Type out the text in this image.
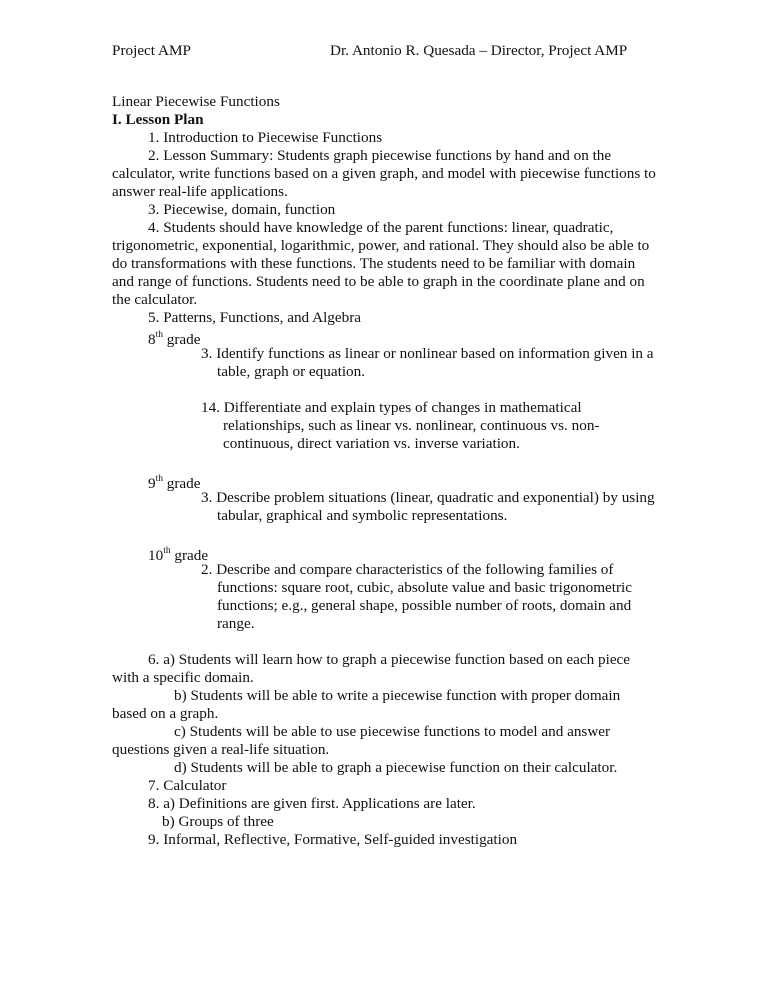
Project AMP	Dr. Antonio R. Quesada – Director, Project AMP
Linear Piecewise Functions
I. Lesson Plan
1. Introduction to Piecewise Functions
2. Lesson Summary: Students graph piecewise functions by hand and on the
calculator, write functions based on a given graph, and model with piecewise functions to
answer real-life applications.
3. Piecewise, domain, function
4. Students should have knowledge of the parent functions: linear, quadratic,
trigonometric, exponential, logarithmic, power, and rational. They should also be able to
do transformations with these functions. The students need to be familiar with domain
and range of functions. Students need to be able to graph in the coordinate plane and on
the calculator.
5. Patterns, Functions, and Algebra
8th grade
3. Identify functions as linear or nonlinear based on information given in a
table, graph or equation.
14. Differentiate and explain types of changes in mathematical
relationships, such as linear vs. nonlinear, continuous vs. non-
continuous, direct variation vs. inverse variation.
9th grade
3. Describe problem situations (linear, quadratic and exponential) by using
tabular, graphical and symbolic representations.
10th grade
2. Describe and compare characteristics of the following families of
functions: square root, cubic, absolute value and basic trigonometric
functions; e.g., general shape, possible number of roots, domain and
range.
6. a) Students will learn how to graph a piecewise function based on each piece
with a specific domain.
b) Students will be able to write a piecewise function with proper domain
based on a graph.
c) Students will be able to use piecewise functions to model and answer
questions given a real-life situation.
d) Students will be able to graph a piecewise function on their calculator.
7. Calculator
8. a) Definitions are given first. Applications are later.
b) Groups of three
9. Informal, Reflective, Formative, Self-guided investigation
